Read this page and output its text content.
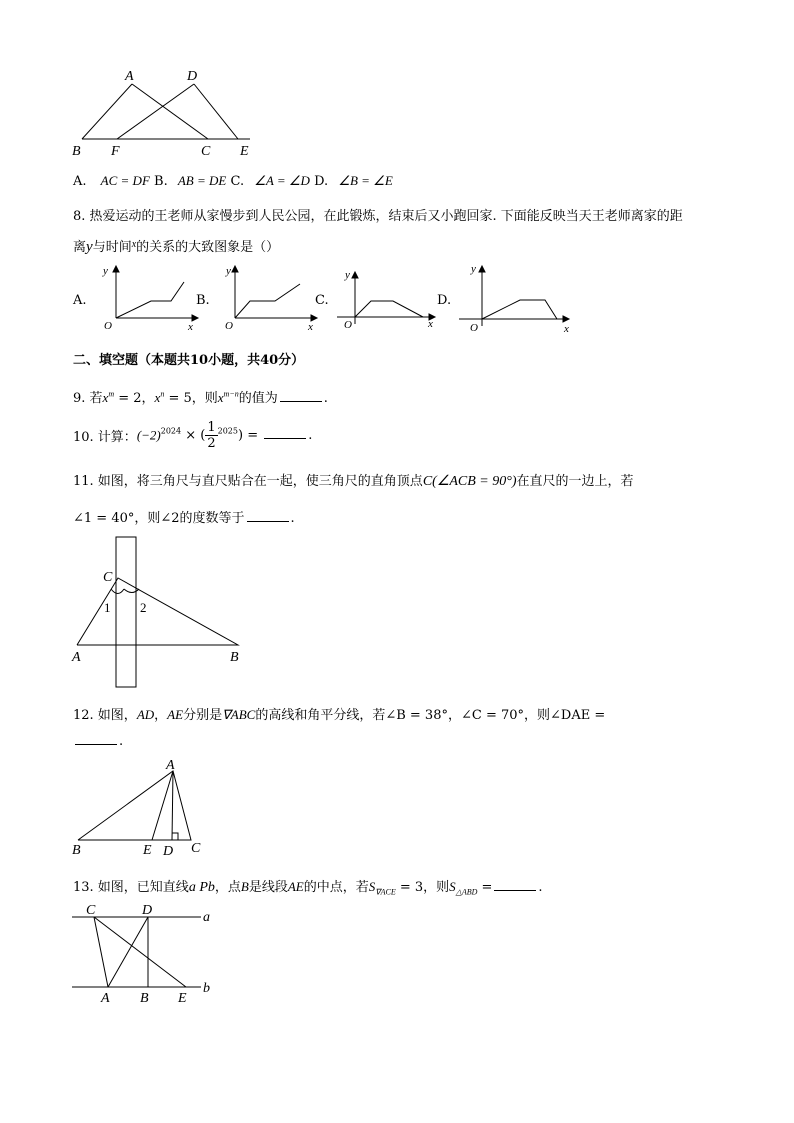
A	D
B F	C E
A. AC = DF B. AB = DE C. ∠A = ∠D D. ∠B = ∠E
8. 热爱运动的王老师从家慢步到人民公园，在此锻炼，结束后又小跑回家. 下面能反映当天王老师离家的距
离y与时间$^x$的关系的大致图象是（）
A.	B.	C.	D.
y
O	x
y
O	x
y
O	x
y
O	x
二、填空题（本题共10小题，共40分）
9. 若$x^m = 2$，$x^n = 5$，则$x^{m-n}$的值为	.
10. 计算：$(-2)^{2024}$ × ( $\frac{1}{2} ^{2025}$) =	.
11. 如图，将三角尺与直尺贴合在一起，使三角尺的直角顶点C(∠ACB = 90°)在直尺的一边上，若
∠1 = 40°，则∠2的度数等于	.
C
1 2
A	B
12. 如图，AD，AE分别是∇ABC的高线和角平分线，若∠B = 38°，∠C = 70°，则∠DAE =
.
A
B	E D C
13. 如图，已知直线a Pb，点B是线段AE的中点，若$S_{\nabla ACE} = 3$，则$S_{\triangle ABD}$ =	.
C	D	a
A B E
b
